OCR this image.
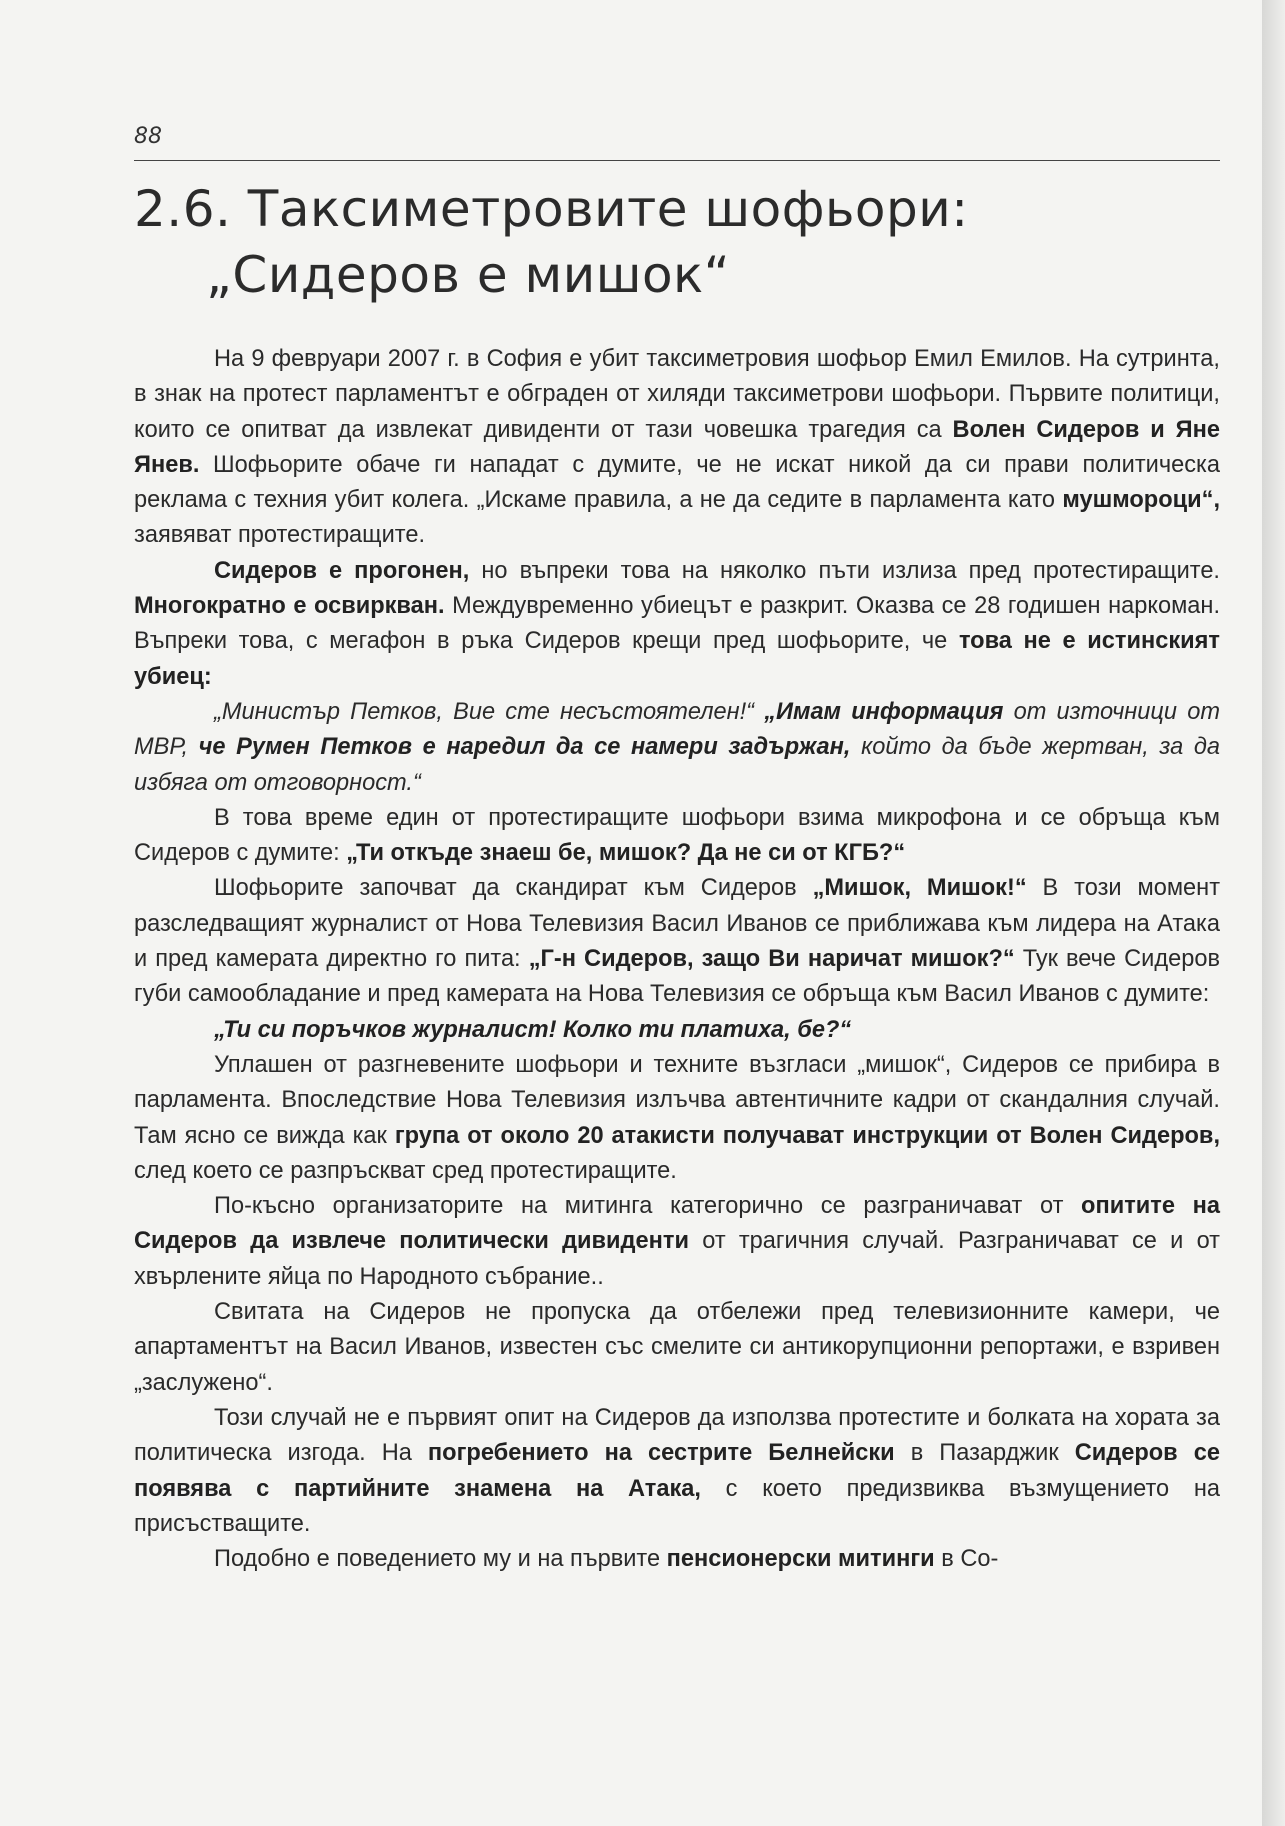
88
2.6. Таксиметровите шофьори:
„Сидеров е мишок“

На 9 февруари 2007 г. в София е убит таксиметровия шофьор Емил Емилов. На сутринта, в знак на протест парламентът е обграден от хиляди таксиметрови шофьори. Първите политици, които се опитват да извлекат дивиденти от тази човешка трагедия са Волен Сидеров и Яне Янев. Шофьорите обаче ги нападат с думите, че не искат никой да си прави политическа реклама с техния убит колега. „Искаме правила, а не да седите в парламента като мушмороци“, заявяват протестиращите.

Сидеров е прогонен, но въпреки това на няколко пъти излиза пред протестиращите. Многократно е освиркван. Междувременно убиецът е разкрит. Оказва се 28 годишен наркоман. Въпреки това, с мегафон в ръка Сидеров крещи пред шофьорите, че това не е истинският убиец:

„Министър Петков, Вие сте несъстоятелен!“ „Имам информация от източници от МВР, че Румен Петков е наредил да се намери задържан, който да бъде жертван, за да избяга от отговорност.“

В това време един от протестиращите шофьори взима микрофона и се обръща към Сидеров с думите: „Ти откъде знаеш бе, мишок? Да не си от КГБ?“

Шофьорите започват да скандират към Сидеров „Мишок, Мишок!“ В този момент разследващият журналист от Нова Телевизия Васил Иванов се приближава към лидера на Атака и пред камерата директно го пита: „Г-н Сидеров, защо Ви наричат мишок?“ Тук вече Сидеров губи самообладание и пред камерата на Нова Телевизия се обръща към Васил Иванов с думите:

„Ти си поръчков журналист! Колко ти платиха, бе?“

Уплашен от разгневените шофьори и техните възгласи „мишок“, Сидеров се прибира в парламента. Впоследствие Нова Телевизия излъчва автентичните кадри от скандалния случай. Там ясно се вижда как група от около 20 атакисти получават инструкции от Волен Сидеров, след което се разпръскват сред протестиращите.

По-късно организаторите на митинга категорично се разграничават от опитите на Сидеров да извлече политически дивиденти от трагичния случай. Разграничават се и от хвърлените яйца по Народното събрание..

Свитата на Сидеров не пропуска да отбележи пред телевизионните камери, че апартаментът на Васил Иванов, известен със смелите си антикорупционни репортажи, е взривен „заслужено“.

Този случай не е първият опит на Сидеров да използва протестите и болката на хората за политическа изгода. На погребението на сестрите Белнейски в Пазарджик Сидеров се появява с партийните знамена на Атака, с което предизвиква възмущението на присъстващите.

Подобно е поведението му и на първите пенсионерски митинги в Со-
